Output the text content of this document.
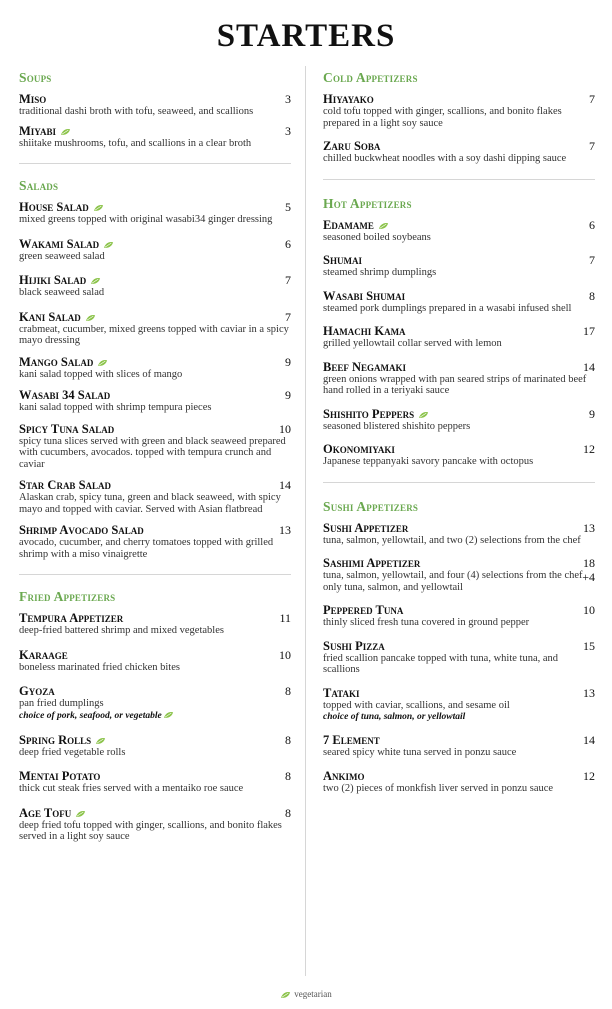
STARTERS
Soups
Miso	3
traditional dashi broth with tofu, seaweed, and scallions
Miyabi	3
shiitake mushrooms, tofu, and scallions in a clear broth
Salads
House Salad	5
mixed greens topped with original wasabi34 ginger dressing
Wakami Salad	6
green seaweed salad
Hijiki Salad	7
black seaweed salad
Kani Salad	7
crabmeat, cucumber, mixed greens topped with caviar in a spicy mayo dressing
Mango Salad	9
kani salad topped with slices of mango
Wasabi 34 Salad	9
kani salad topped with shrimp tempura pieces
Spicy Tuna Salad	10
spicy tuna slices served with green and black seaweed prepared with cucumbers, avocados. topped with tempura crunch and caviar
Star Crab Salad	14
Alaskan crab, spicy tuna, green and black seaweed, with spicy mayo and topped with caviar. Served with Asian flatbread
Shrimp Avocado Salad	13
avocado, cucumber, and cherry tomatoes topped with grilled shrimp with a miso vinaigrette
Fried Appetizers
Tempura Appetizer	11
deep-fried battered shrimp and mixed vegetables
Karaage	10
boneless marinated fried chicken bites
Gyoza	8
pan fried dumplings
choice of pork, seafood, or vegetable
Spring Rolls	8
deep fried vegetable rolls
Mentai Potato	8
thick cut steak fries served with a mentaiko roe sauce
Age Tofu	8
deep fried tofu topped with ginger, scallions, and bonito flakes served in a light soy sauce
Cold Appetizers
Hiyayako	7
cold tofu topped with ginger, scallions, and bonito flakes prepared in a light soy sauce
Zaru Soba	7
chilled buckwheat noodles with a soy dashi dipping sauce
Hot Appetizers
Edamame	6
seasoned boiled soybeans
Shumai	7
steamed shrimp dumplings
Wasabi Shumai	8
steamed pork dumplings prepared in a wasabi infused shell
Hamachi Kama	17
grilled yellowtail collar served with lemon
Beef Negamaki	14
green onions wrapped with pan seared strips of marinated beef hand rolled in a teriyaki sauce
Shishito Peppers	9
seasoned blistered shishito peppers
Okonomiyaki	12
Japanese teppanyaki savory pancake with octopus
Sushi Appetizers
Sushi Appetizer	13
tuna, salmon, yellowtail, and two (2) selections from the chef
Sashimi Appetizer	18
tuna, salmon, yellowtail, and four (4) selections from the chef
only tuna, salmon, and yellowtail
+4
Peppered Tuna	10
thinly sliced fresh tuna covered in ground pepper
Sushi Pizza	15
fried scallion pancake topped with tuna, white tuna, and scallions
Tataki	13
topped with caviar, scallions, and sesame oil
choice of tuna, salmon, or yellowtail
7 Element	14
seared spicy white tuna served in ponzu sauce
Ankimo	12
two (2) pieces of monkfish liver served in ponzu sauce
vegetarian
